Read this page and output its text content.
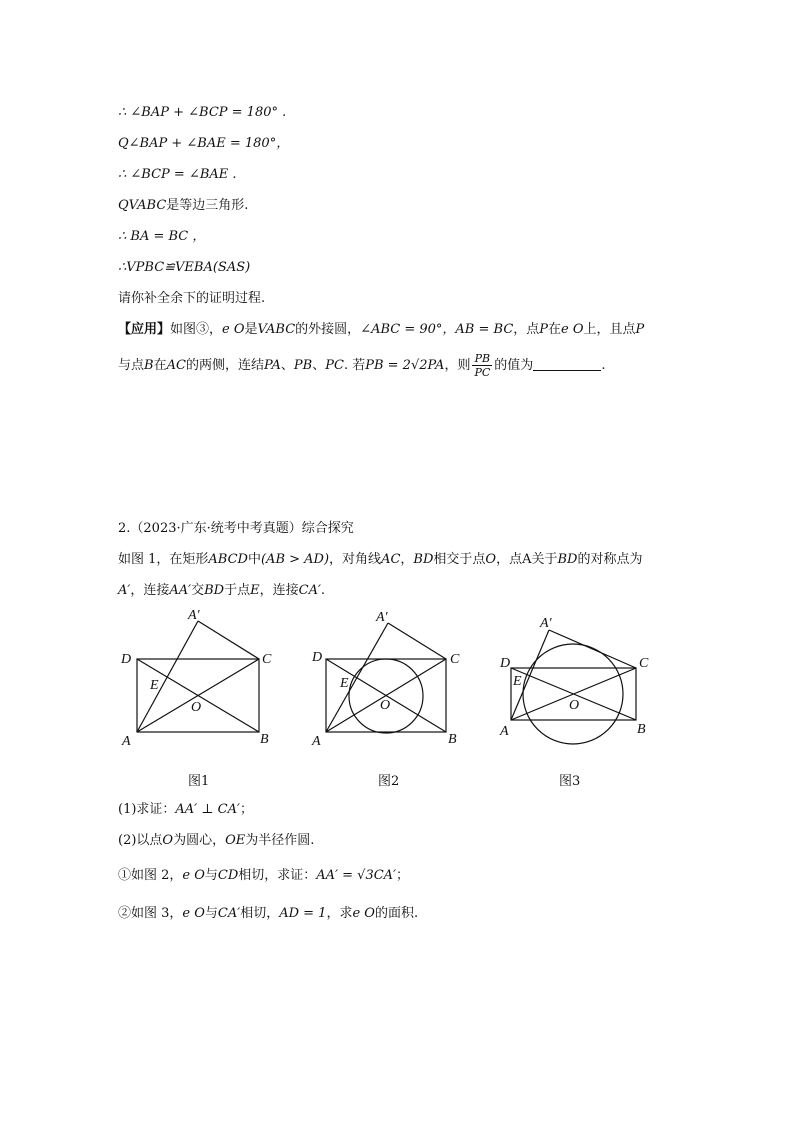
∴ ∠BAP + ∠BCP = 180° .
Q∠BAP + ∠BAE = 180°，
∴ ∠BCP = ∠BAE .
QVABC是等边三角形.
∴ BA = BC ，
∴VPBC≌VEBA(SAS)
请你补全余下的证明过程.
【应用】如图③，e O是VABC的外接圆，∠ABC = 90°，AB = BC，点P在e O上，且点P
与点B在AC的两侧，连结PA、PB、PC. 若PB = 2√2PA，则 $\frac{PB}{PC}$ 的值为	.
2.（2023·广东·统考中考真题）综合探究
如图 1，在矩形ABCD中(AB > AD)，对角线AC，BD相交于点O，点A关于BD的对称点为
A′，连接AA′交BD于点E，连接CA′.
A′
D	C
E
O
A	B
A′
D	C
E
O
A	B
A′
D	C
E
O
A	B
图1	图2	图3
(1)求证：AA′ ⊥ CA′；
(2)以点O为圆心，OE为半径作圆.
①如图 2，e O与CD相切，求证：AA′ = √3CA′；
②如图 3，e O与CA′相切，AD = 1，求e O的面积.
